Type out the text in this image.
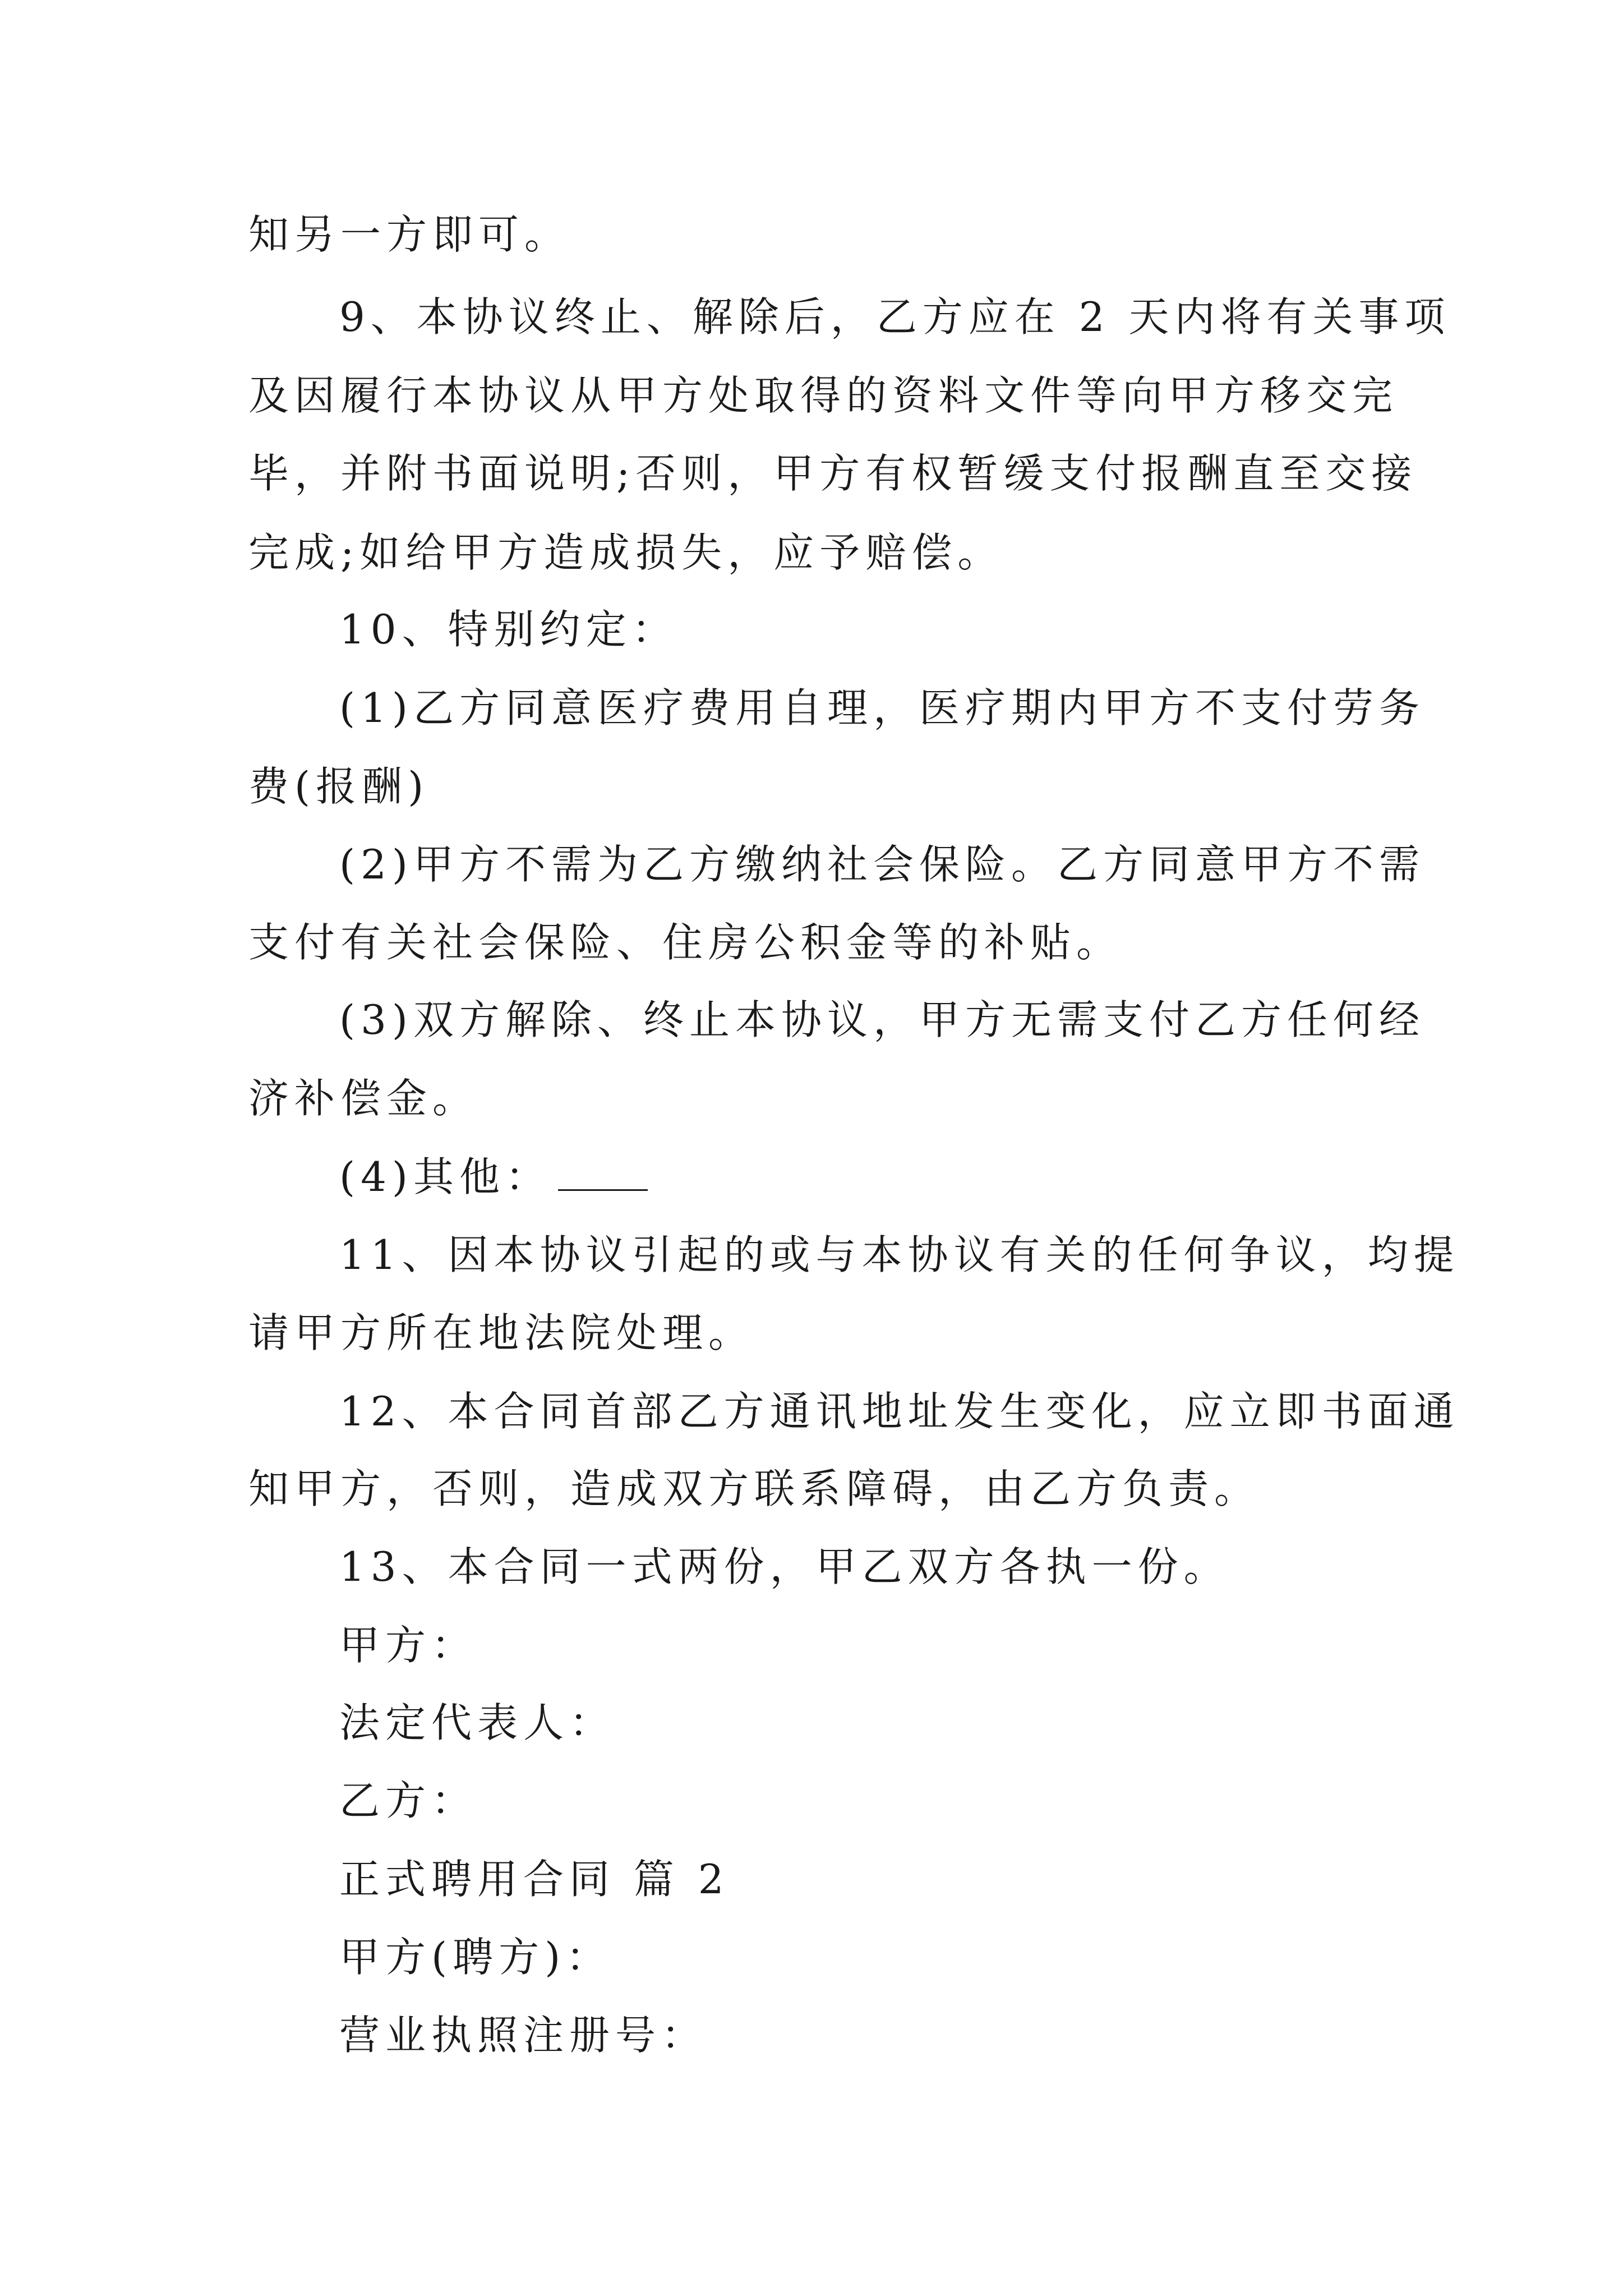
知另一方即可。
9、本协议终止、解除后，乙方应在 2 天内将有关事项
及因履行本协议从甲方处取得的资料文件等向甲方移交完
毕，并附书面说明;否则，甲方有权暂缓支付报酬直至交接
完成;如给甲方造成损失，应予赔偿。
10、特别约定：
(1)乙方同意医疗费用自理，医疗期内甲方不支付劳务
费(报酬)
(2)甲方不需为乙方缴纳社会保险。乙方同意甲方不需
支付有关社会保险、住房公积金等的补贴。
(3)双方解除、终止本协议，甲方无需支付乙方任何经
济补偿金。
(4)其他：
11、因本协议引起的或与本协议有关的任何争议，均提
请甲方所在地法院处理。
12、本合同首部乙方通讯地址发生变化，应立即书面通
知甲方，否则，造成双方联系障碍，由乙方负责。
13、本合同一式两份，甲乙双方各执一份。
甲方：
法定代表人：
乙方：
正式聘用合同 篇 2
甲方(聘方)：
营业执照注册号：
